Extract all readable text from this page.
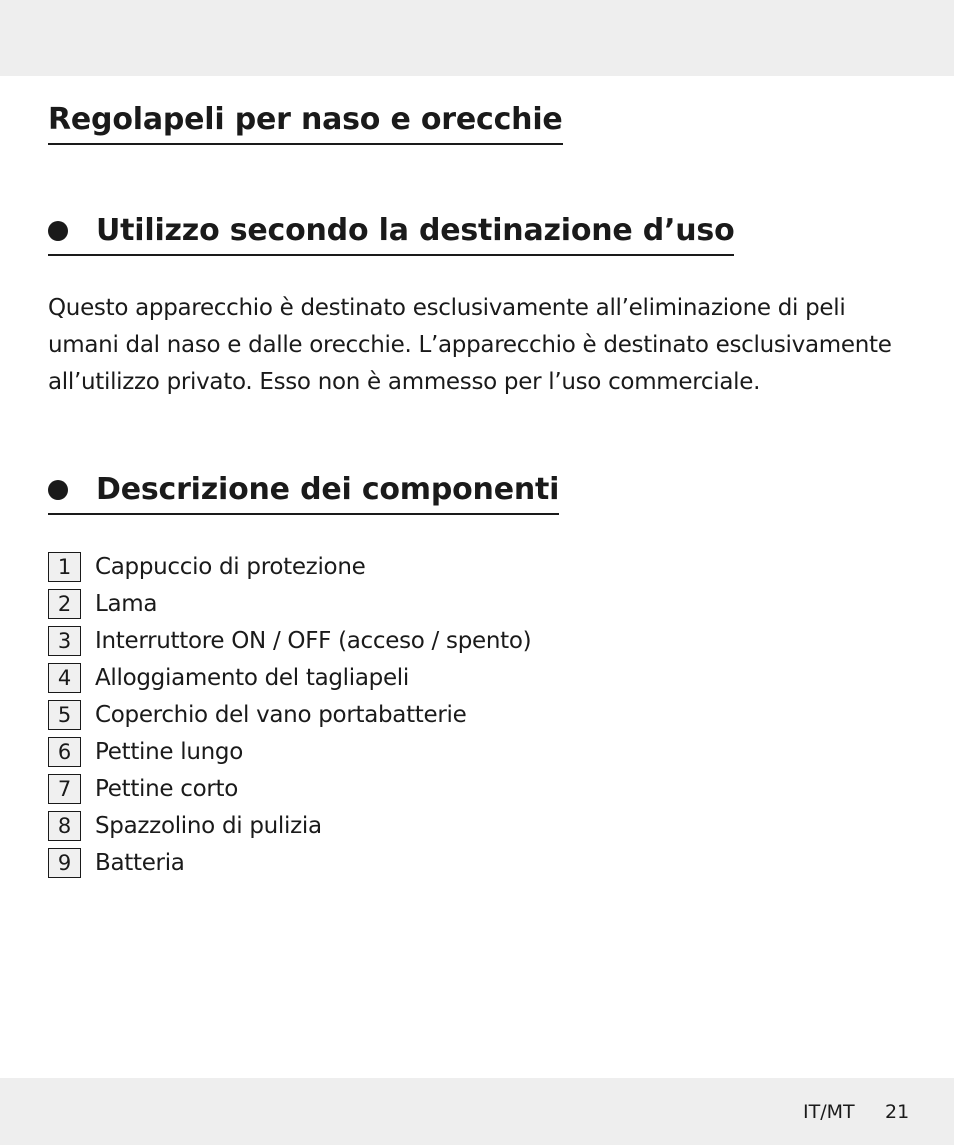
Regolapeli per naso e orecchie
Utilizzo secondo la destinazione d’uso

Questo apparecchio è destinato esclusivamente all’eliminazione di peli umani dal naso e dalle orecchie. L’apparecchio è destinato esclusivamente all’utilizzo privato. Esso non è ammesso per l’uso commerciale.

Descrizione dei componenti
1	Cappuccio di protezione
2	Lama
3	Interruttore ON / OFF (acceso / spento)
4	Alloggiamento del tagliapeli
5	Coperchio del vano portabatterie
6	Pettine lungo
7	Pettine corto
8	Spazzolino di pulizia
9	Batteria
IT/MT 21
